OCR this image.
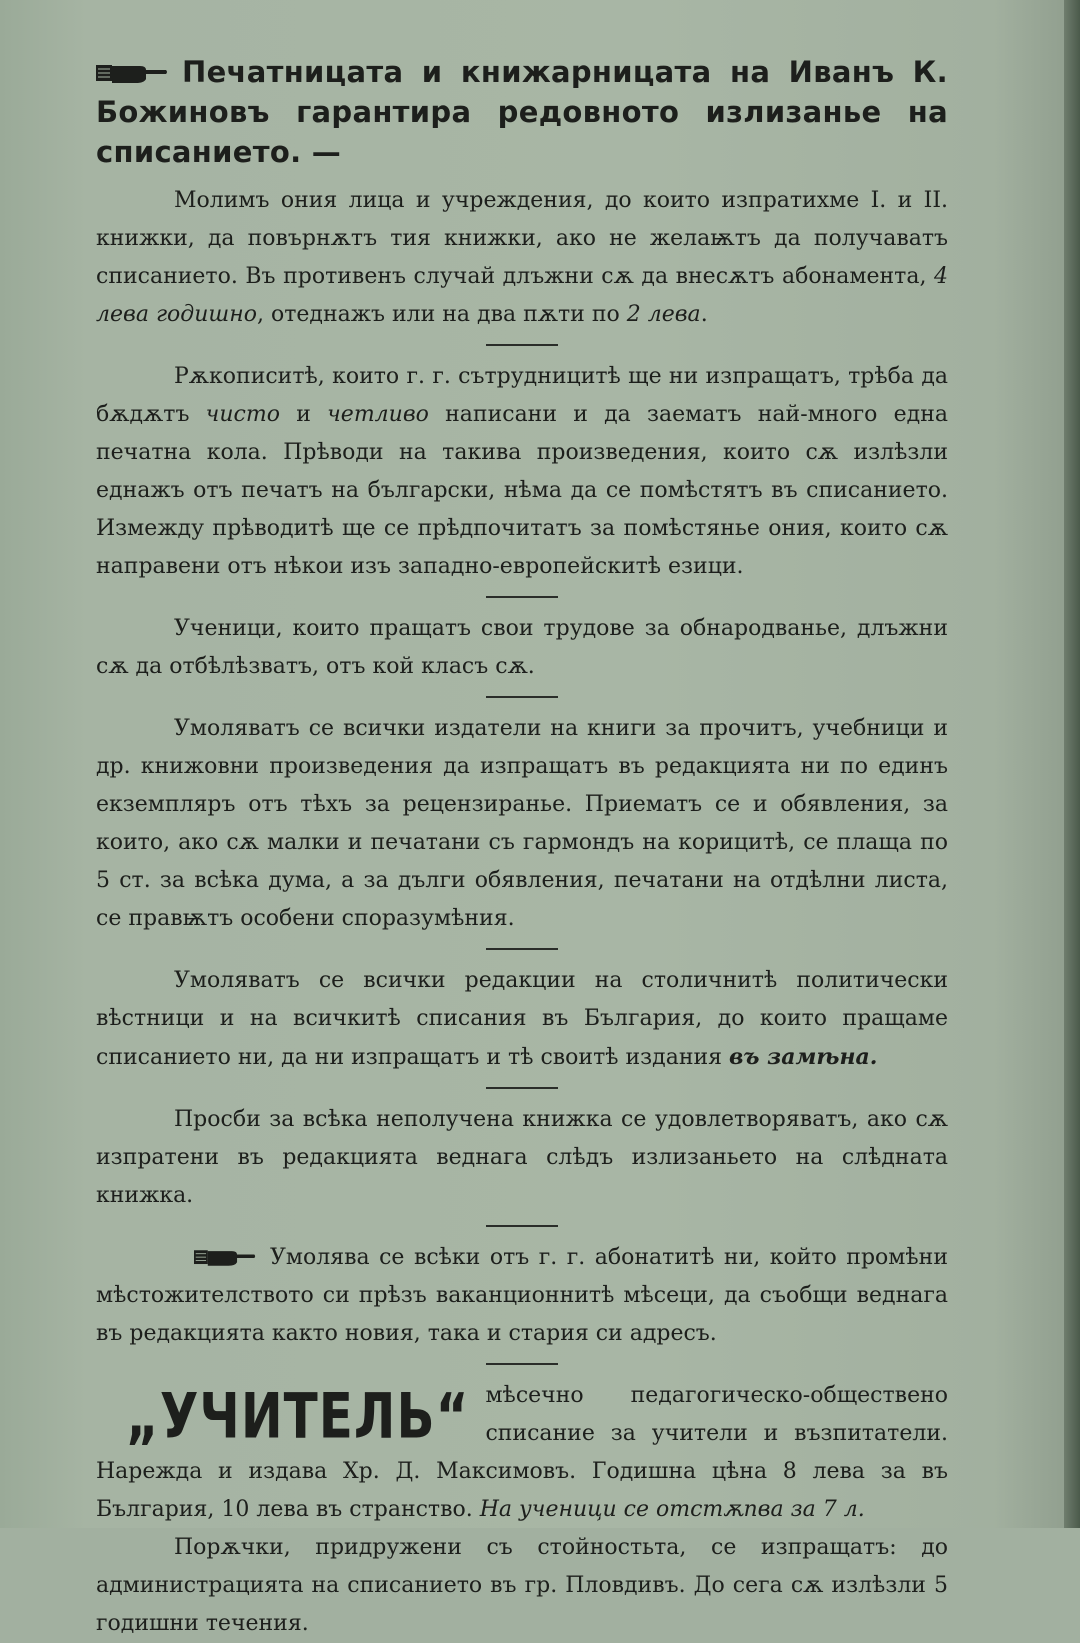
Печатницата и книжарницата на Иванъ К. Божиновъ гарантира редовното излизанье на списанието. —

Молимъ ония лица и учреждения, до които изпратихме I. и II. книжки, да повърнѫтъ тия книжки, ако не желаѭтъ да получаватъ списанието. Въ противенъ случай длъжни сѫ да внесѫтъ абонамента, 4 лева годишно, отеднажъ или на два пѫти по 2 лева.

Рѫкописитѣ, които г. г. сътрудницитѣ ще ни изпращатъ, трѣба да бѫдѫтъ чисто и четливо написани и да заематъ най-много една печатна кола. Прѣводи на такива произведения, които сѫ излѣзли еднажъ отъ печатъ на български, нѣма да се помѣстятъ въ списанието. Измежду прѣводитѣ ще се прѣдпочитатъ за помѣстянье ония, които сѫ направени отъ нѣкои изъ западно-европейскитѣ езици.

Ученици, които пращатъ свои трудове за обнародванье, длъжни сѫ да отбѣлѣзватъ, отъ кой класъ сѫ.

Умоляватъ се всички издатели на книги за прочитъ, учебници и др. книжовни произведения да изпращатъ въ редакцията ни по единъ екземпляръ отъ тѣхъ за рецензиранье. Приематъ се и обявления, за които, ако сѫ малки и печатани съ гармондъ на корицитѣ, се плаща по 5 ст. за всѣка дума, а за дълги обявления, печатани на отдѣлни листа, се правѭтъ особени споразумѣния.

Умоляватъ се всички редакции на столичнитѣ политически вѣстници и на всичкитѣ списания въ България, до които пращаме списанието ни, да ни изпращатъ и тѣ своитѣ издания въ замѣна.

Просби за всѣка неполучена книжка се удовлетворяватъ, ако сѫ изпратени въ редакцията веднага слѣдъ излизаньето на слѣдната книжка.

Умолява се всѣки отъ г. г. абонатитѣ ни, който промѣни мѣстожителството си прѣзъ ваканционнитѣ мѣсеци, да съобщи веднага въ редакцията както новия, така и стария си адресъ.

„УЧИТЕЛЬ“ мѣсечно педагогическо-обществено списание за учители и възпитатели. Нарежда и издава Хр. Д. Максимовъ. Годишна цѣна 8 лева за въ България, 10 лева въ странство. На ученици се отстѫпва за 7 л.

Порѫчки, придружени съ стойностьта, се изпращатъ: до администрацията на списанието въ гр. Пловдивъ. До сега сѫ излѣзли 5 годишни течения.
